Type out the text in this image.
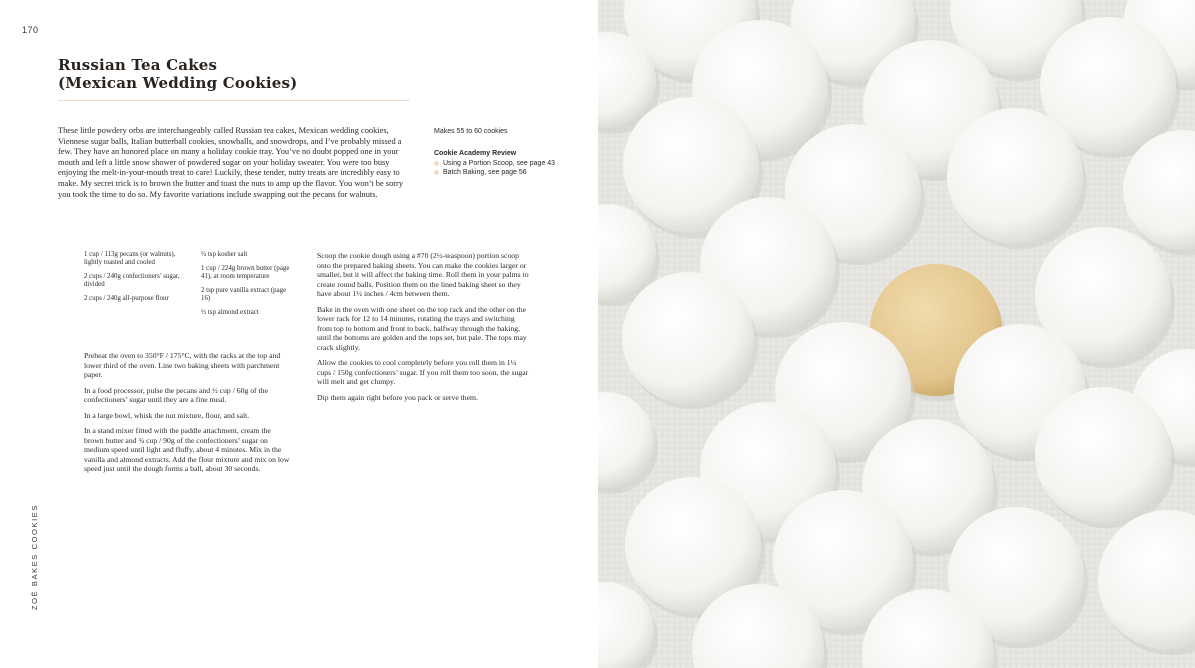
170
ZOË BAKES COOKIES
Russian Tea Cakes
(Mexican Wedding Cookies)

These little powdery orbs are interchangeably called Russian tea cakes, Mexican wedding cookies, Viennese sugar balls, Italian butterball cookies, snowballs, and snowdrops, and I’ve probably missed a few. They have an honored place on many a holiday cookie tray. You’ve no doubt popped one in your mouth and left a little snow shower of powdered sugar on your holiday sweater. You were too busy enjoying the melt-in-your-mouth treat to care! Luckily, these tender, nutty treats are incredibly easy to make. My secret trick is to brown the butter and toast the nuts to amp up the flavor. You won’t be sorry you took the time to do so. My favorite variations include swapping out the pecans for walnuts.

Makes 55 to 60 cookies

Cookie Academy Review

Using a Portion Scoop, see page 43
Batch Baking, see page 56

1 cup / 113g pecans (or walnuts), lightly toasted and cooled

2 cups / 240g confectioners’ sugar, divided

2 cups / 240g all-purpose flour

½ tsp kosher salt

1 cup / 224g brown butter (page 41), at room temperature

2 tsp pure vanilla extract (page 16)

½ tsp almond extract

Preheat the oven to 350°F / 175°C, with the racks at the top and lower third of the oven. Line two baking sheets with parchment paper.

In a food processor, pulse the pecans and ½ cup / 60g of the confectioners’ sugar until they are a fine meal.

In a large bowl, whisk the nut mixture, flour, and salt.

In a stand mixer fitted with the paddle attachment, cream the brown butter and ¾ cup / 90g of the confectioners’ sugar on medium speed until light and fluffy, about 4 minutes. Mix in the vanilla and almond extracts. Add the flour mixture and mix on low speed just until the dough forms a ball, about 30 seconds.

Scoop the cookie dough using a #70 (2½-teaspoon) portion scoop onto the prepared baking sheets. You can make the cookies larger or smaller, but it will affect the baking time. Roll them in your palms to create round balls. Position them on the lined baking sheet so they have about 1½ inches / 4cm between them.

Bake in the oven with one sheet on the top rack and the other on the lower rack for 12 to 14 minutes, rotating the trays and switching from top to bottom and front to back, halfway through the baking, until the bottoms are golden and the tops set, but pale. The tops may crack slightly.

Allow the cookies to cool completely before you roll them in 1¼ cups / 150g confectioners’ sugar. If you roll them too soon, the sugar will melt and get clumpy.

Dip them again right before you pack or serve them.
